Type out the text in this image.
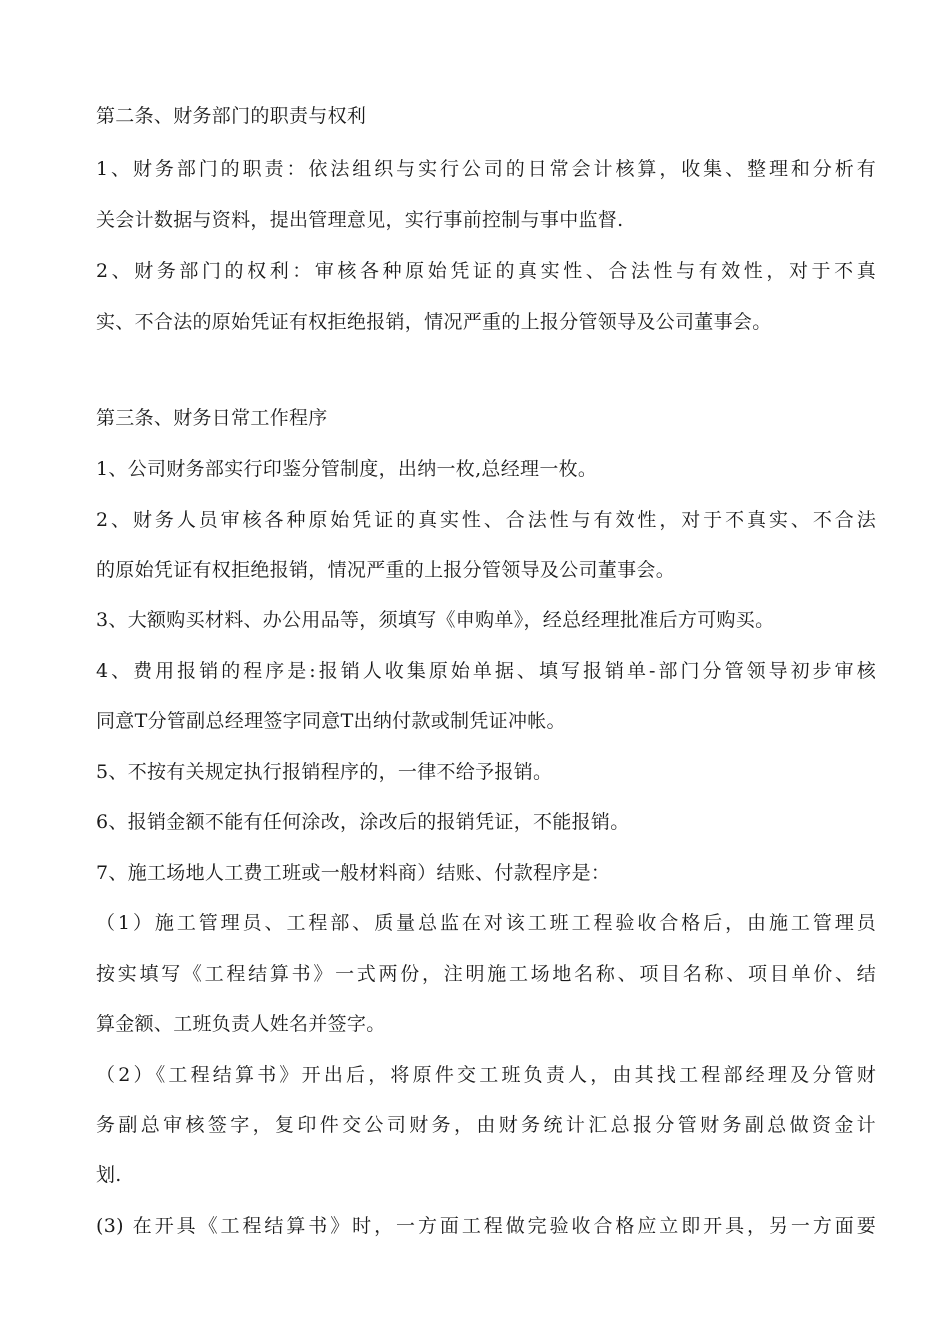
第二条、财务部门的职责与权利
1、财务部门的职责：依法组织与实行公司的日常会计核算，收集、整理和分析有
关会计数据与资料，提出管理意见，实行事前控制与事中监督.
2、财务部门的权利：审核各种原始凭证的真实性、合法性与有效性，对于不真
实、不合法的原始凭证有权拒绝报销，情况严重的上报分管领导及公司董事会。
第三条、财务日常工作程序
1、公司财务部实行印鉴分管制度，出纳一枚,总经理一枚。
2、财务人员审核各种原始凭证的真实性、合法性与有效性，对于不真实、不合法
的原始凭证有权拒绝报销，情况严重的上报分管领导及公司董事会。
3、大额购买材料、办公用品等，须填写《申购单》，经总经理批准后方可购买。
4、费用报销的程序是:报销人收集原始单据、填写报销单-部门分管领导初步审核
同意T分管副总经理签字同意T出纳付款或制凭证冲帐。
5、不按有关规定执行报销程序的，一律不给予报销。
6、报销金额不能有任何涂改，涂改后的报销凭证，不能报销。
7、施工场地人工费工班或一般材料商）结账、付款程序是：
（1）施工管理员、工程部、质量总监在对该工班工程验收合格后，由施工管理员
按实填写《工程结算书》一式两份，注明施工场地名称、项目名称、项目单价、结
算金额、工班负责人姓名并签字。
（2）《工程结算书》开出后，将原件交工班负责人，由其找工程部经理及分管财
务副总审核签字，复印件交公司财务，由财务统计汇总报分管财务副总做资金计
划.
(3) 在开具《工程结算书》时，一方面工程做完验收合格应立即开具，另一方面要
